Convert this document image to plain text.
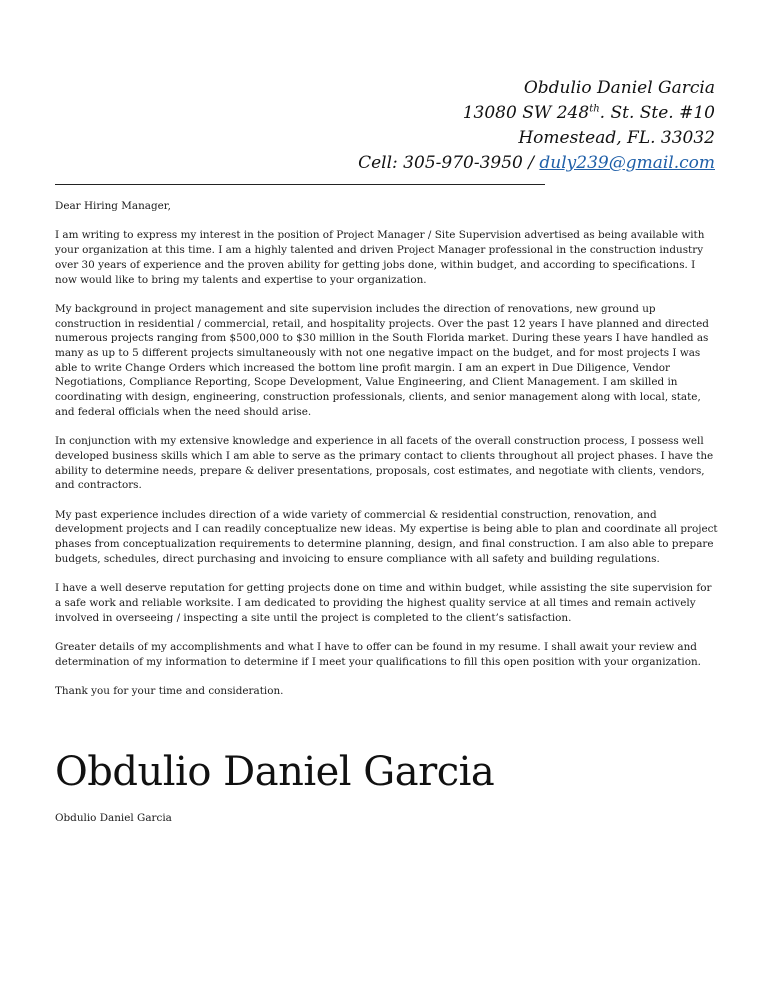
Obdulio Daniel Garcia
13080 SW 248th. St. Ste. #10
Homestead, FL. 33032
Cell: 305-970-3950 / duly239@gmail.com

Dear Hiring Manager,

I am writing to express my interest in the position of Project Manager / Site Supervision advertised as being available with your organization at this time. I am a highly talented and driven Project Manager professional in the construction industry over 30 years of experience and the proven ability for getting jobs done, within budget, and according to specifications. I now would like to bring my talents and expertise to your organization.

My background in project management and site supervision includes the direction of renovations, new ground up construction in residential / commercial, retail, and hospitality projects. Over the past 12 years I have planned and directed numerous projects ranging from $500,000 to $30 million in the South Florida market. During these years I have handled as many as up to 5 different projects simultaneously with not one negative impact on the budget, and for most projects I was able to write Change Orders which increased the bottom line profit margin. I am an expert in Due Diligence, Vendor Negotiations, Compliance Reporting, Scope Development, Value Engineering, and Client Management. I am skilled in coordinating with design, engineering, construction professionals, clients, and senior management along with local, state, and federal officials when the need should arise.

In conjunction with my extensive knowledge and experience in all facets of the overall construction process, I possess well developed business skills which I am able to serve as the primary contact to clients throughout all project phases. I have the ability to determine needs, prepare & deliver presentations, proposals, cost estimates, and negotiate with clients, vendors, and contractors.

My past experience includes direction of a wide variety of commercial & residential construction, renovation, and development projects and I can readily conceptualize new ideas. My expertise is being able to plan and coordinate all project phases from conceptualization requirements to determine planning, design, and final construction. I am also able to prepare budgets, schedules, direct purchasing and invoicing to ensure compliance with all safety and building regulations.

I have a well deserve reputation for getting projects done on time and within budget, while assisting the site supervision for a safe work and reliable worksite. I am dedicated to providing the highest quality service at all times and remain actively involved in overseeing / inspecting a site until the project is completed to the client’s satisfaction.

Greater details of my accomplishments and what I have to offer can be found in my resume. I shall await your review and determination of my information to determine if I meet your qualifications to fill this open position with your organization.

Thank you for your time and consideration.

Obdulio Daniel Garcia
Obdulio Daniel Garcia
